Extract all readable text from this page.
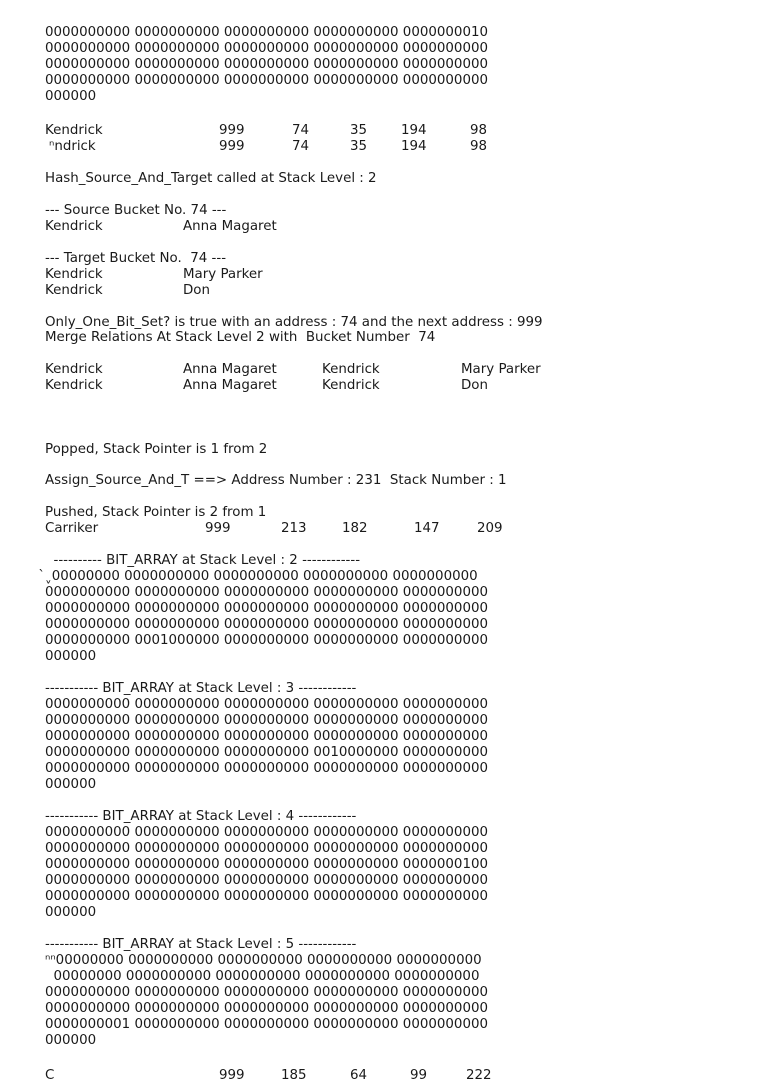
0000000000 0000000000 0000000000 0000000000 0000000010
0000000000 0000000000 0000000000 0000000000 0000000000
0000000000 0000000000 0000000000 0000000000 0000000000
0000000000 0000000000 0000000000 0000000000 0000000000
000000
Kendrick	999	74	35	194	98
ⁿndrick	999	74	35	194	98
Hash_Source_And_Target called at Stack Level : 2
--- Source Bucket No. 74 ---
Kendrick	Anna Magaret
--- Target Bucket No.  74 ---
Kendrick	Mary Parker
Kendrick	Don
Only_One_Bit_Set? is true with an address : 74 and the next address : 999
Merge Relations At Stack Level 2 with  Bucket Number  74
Kendrick	Anna Magaret	Kendrick	Mary Parker
Kendrick	Anna Magaret	Kendrick	Don
Popped, Stack Pointer is 1 from 2
Assign_Source_And_T ==> Address Number : 231  Stack Number : 1
Pushed, Stack Pointer is 2 from 1
Carriker	999	213	182	147	209
---------- BIT_ARRAY at Stack Level : 2 ------------
̀ˬ00000000 0000000000 0000000000 0000000000 0000000000
0000000000 0000000000 0000000000 0000000000 0000000000
0000000000 0000000000 0000000000 0000000000 0000000000
0000000000 0000000000 0000000000 0000000000 0000000000
0000000000 0001000000 0000000000 0000000000 0000000000
000000
----------- BIT_ARRAY at Stack Level : 3 ------------
0000000000 0000000000 0000000000 0000000000 0000000000
0000000000 0000000000 0000000000 0000000000 0000000000
0000000000 0000000000 0000000000 0000000000 0000000000
0000000000 0000000000 0000000000 0010000000 0000000000
0000000000 0000000000 0000000000 0000000000 0000000000
000000
----------- BIT_ARRAY at Stack Level : 4 ------------
0000000000 0000000000 0000000000 0000000000 0000000000
0000000000 0000000000 0000000000 0000000000 0000000000
0000000000 0000000000 0000000000 0000000000 0000000100
0000000000 0000000000 0000000000 0000000000 0000000000
0000000000 0000000000 0000000000 0000000000 0000000000
000000
----------- BIT_ARRAY at Stack Level : 5 ------------
ⁿⁿ00000000 0000000000 0000000000 0000000000 0000000000
00000000 0000000000 0000000000 0000000000 0000000000
0000000000 0000000000 0000000000 0000000000 0000000000
0000000000 0000000000 0000000000 0000000000 0000000000
0000000001 0000000000 0000000000 0000000000 0000000000
000000
C	999	185	64	99	222
